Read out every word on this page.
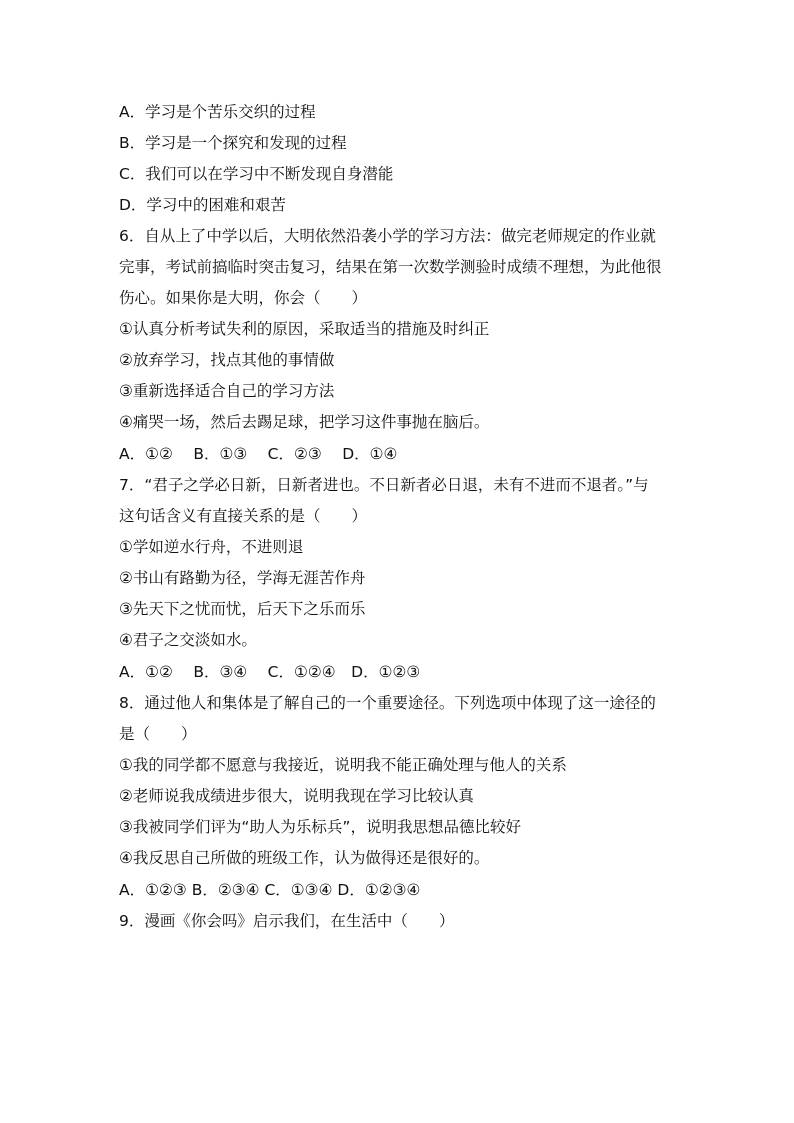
A．学习是个苦乐交织的过程
B．学习是一个探究和发现的过程
C．我们可以在学习中不断发现自身潜能
D．学习中的困难和艰苦
6．自从上了中学以后，大明依然沿袭小学的学习方法：做完老师规定的作业就
完事，考试前搞临时突击复习，结果在第一次数学测验时成绩不理想，为此他很
伤心。如果你是大明，你会（　　）
①认真分析考试失利的原因，采取适当的措施及时纠正
②放弃学习，找点其他的事情做
③重新选择适合自己的学习方法
④痛哭一场，然后去踢足球，把学习这件事抛在脑后。
A．①②　 B．①③　 C．②③　 D．①④
7．“君子之学必日新，日新者进也。不日新者必日退，未有不进而不退者。”与
这句话含义有直接关系的是（　　）
①学如逆水行舟，不进则退
②书山有路勤为径，学海无涯苦作舟
③先天下之忧而忧，后天下之乐而乐
④君子之交淡如水。
A．①②　 B．③④　 C．①②④　D．①②③
8．通过他人和集体是了解自己的一个重要途径。下列选项中体现了这一途径的
是（　　）
①我的同学都不愿意与我接近，说明我不能正确处理与他人的关系
②老师说我成绩进步很大，说明我现在学习比较认真
③我被同学们评为“助人为乐标兵”，说明我思想品德比较好
④我反思自己所做的班级工作，认为做得还是很好的。
A．①②③ B．②③④ C．①③④ D．①②③④
9．漫画《你会吗》启示我们，在生活中（　　）
